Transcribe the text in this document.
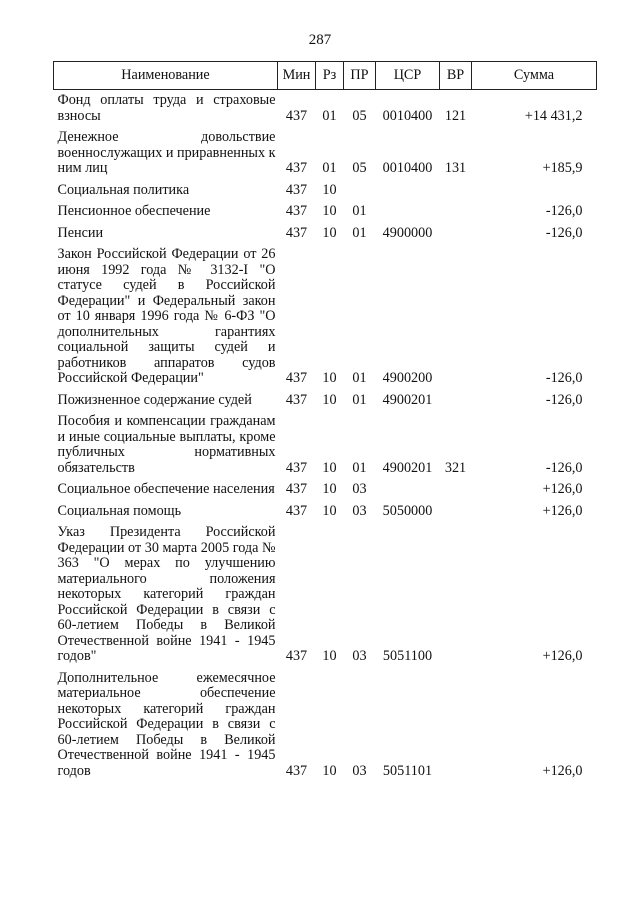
287
Наименование	Мин	Рз	ПР	ЦСР	ВР	Сумма
Фонд оплаты труда и страховые взносы	437	01	05	0010400	121	+14 431,2
Денежное довольствие военнослужащих и приравненных к ним лиц	437	01	05	0010400	131	+185,9
Социальная политика	437	10				
Пенсионное обеспечение	437	10	01			-126,0
Пенсии	437	10	01	4900000		-126,0
Закон Российской Федерации от 26 июня 1992 года № 3132-I "О статусе судей в Российской Федерации" и Федеральный закон от 10 января 1996 года № 6-ФЗ "О дополнительных гарантиях социальной защиты судей и работников аппаратов судов Российской Федерации"	437	10	01	4900200		-126,0
Пожизненное содержание судей	437	10	01	4900201		-126,0
Пособия и компенсации гражданам и иные социальные выплаты, кроме публичных нормативных обязательств	437	10	01	4900201	321	-126,0
Социальное обеспечение населения	437	10	03			+126,0
Социальная помощь	437	10	03	5050000		+126,0
Указ Президента Российской Федерации от 30 марта 2005 года № 363 "О мерах по улучшению материального положения некоторых категорий граждан Российской Федерации в связи с 60-летием Победы в Великой Отечественной войне 1941 - 1945 годов"	437	10	03	5051100		+126,0
Дополнительное ежемесячное материальное обеспечение некоторых категорий граждан Российской Федерации в связи с 60-летием Победы в Великой Отечественной войне 1941 - 1945 годов	437	10	03	5051101		+126,0
